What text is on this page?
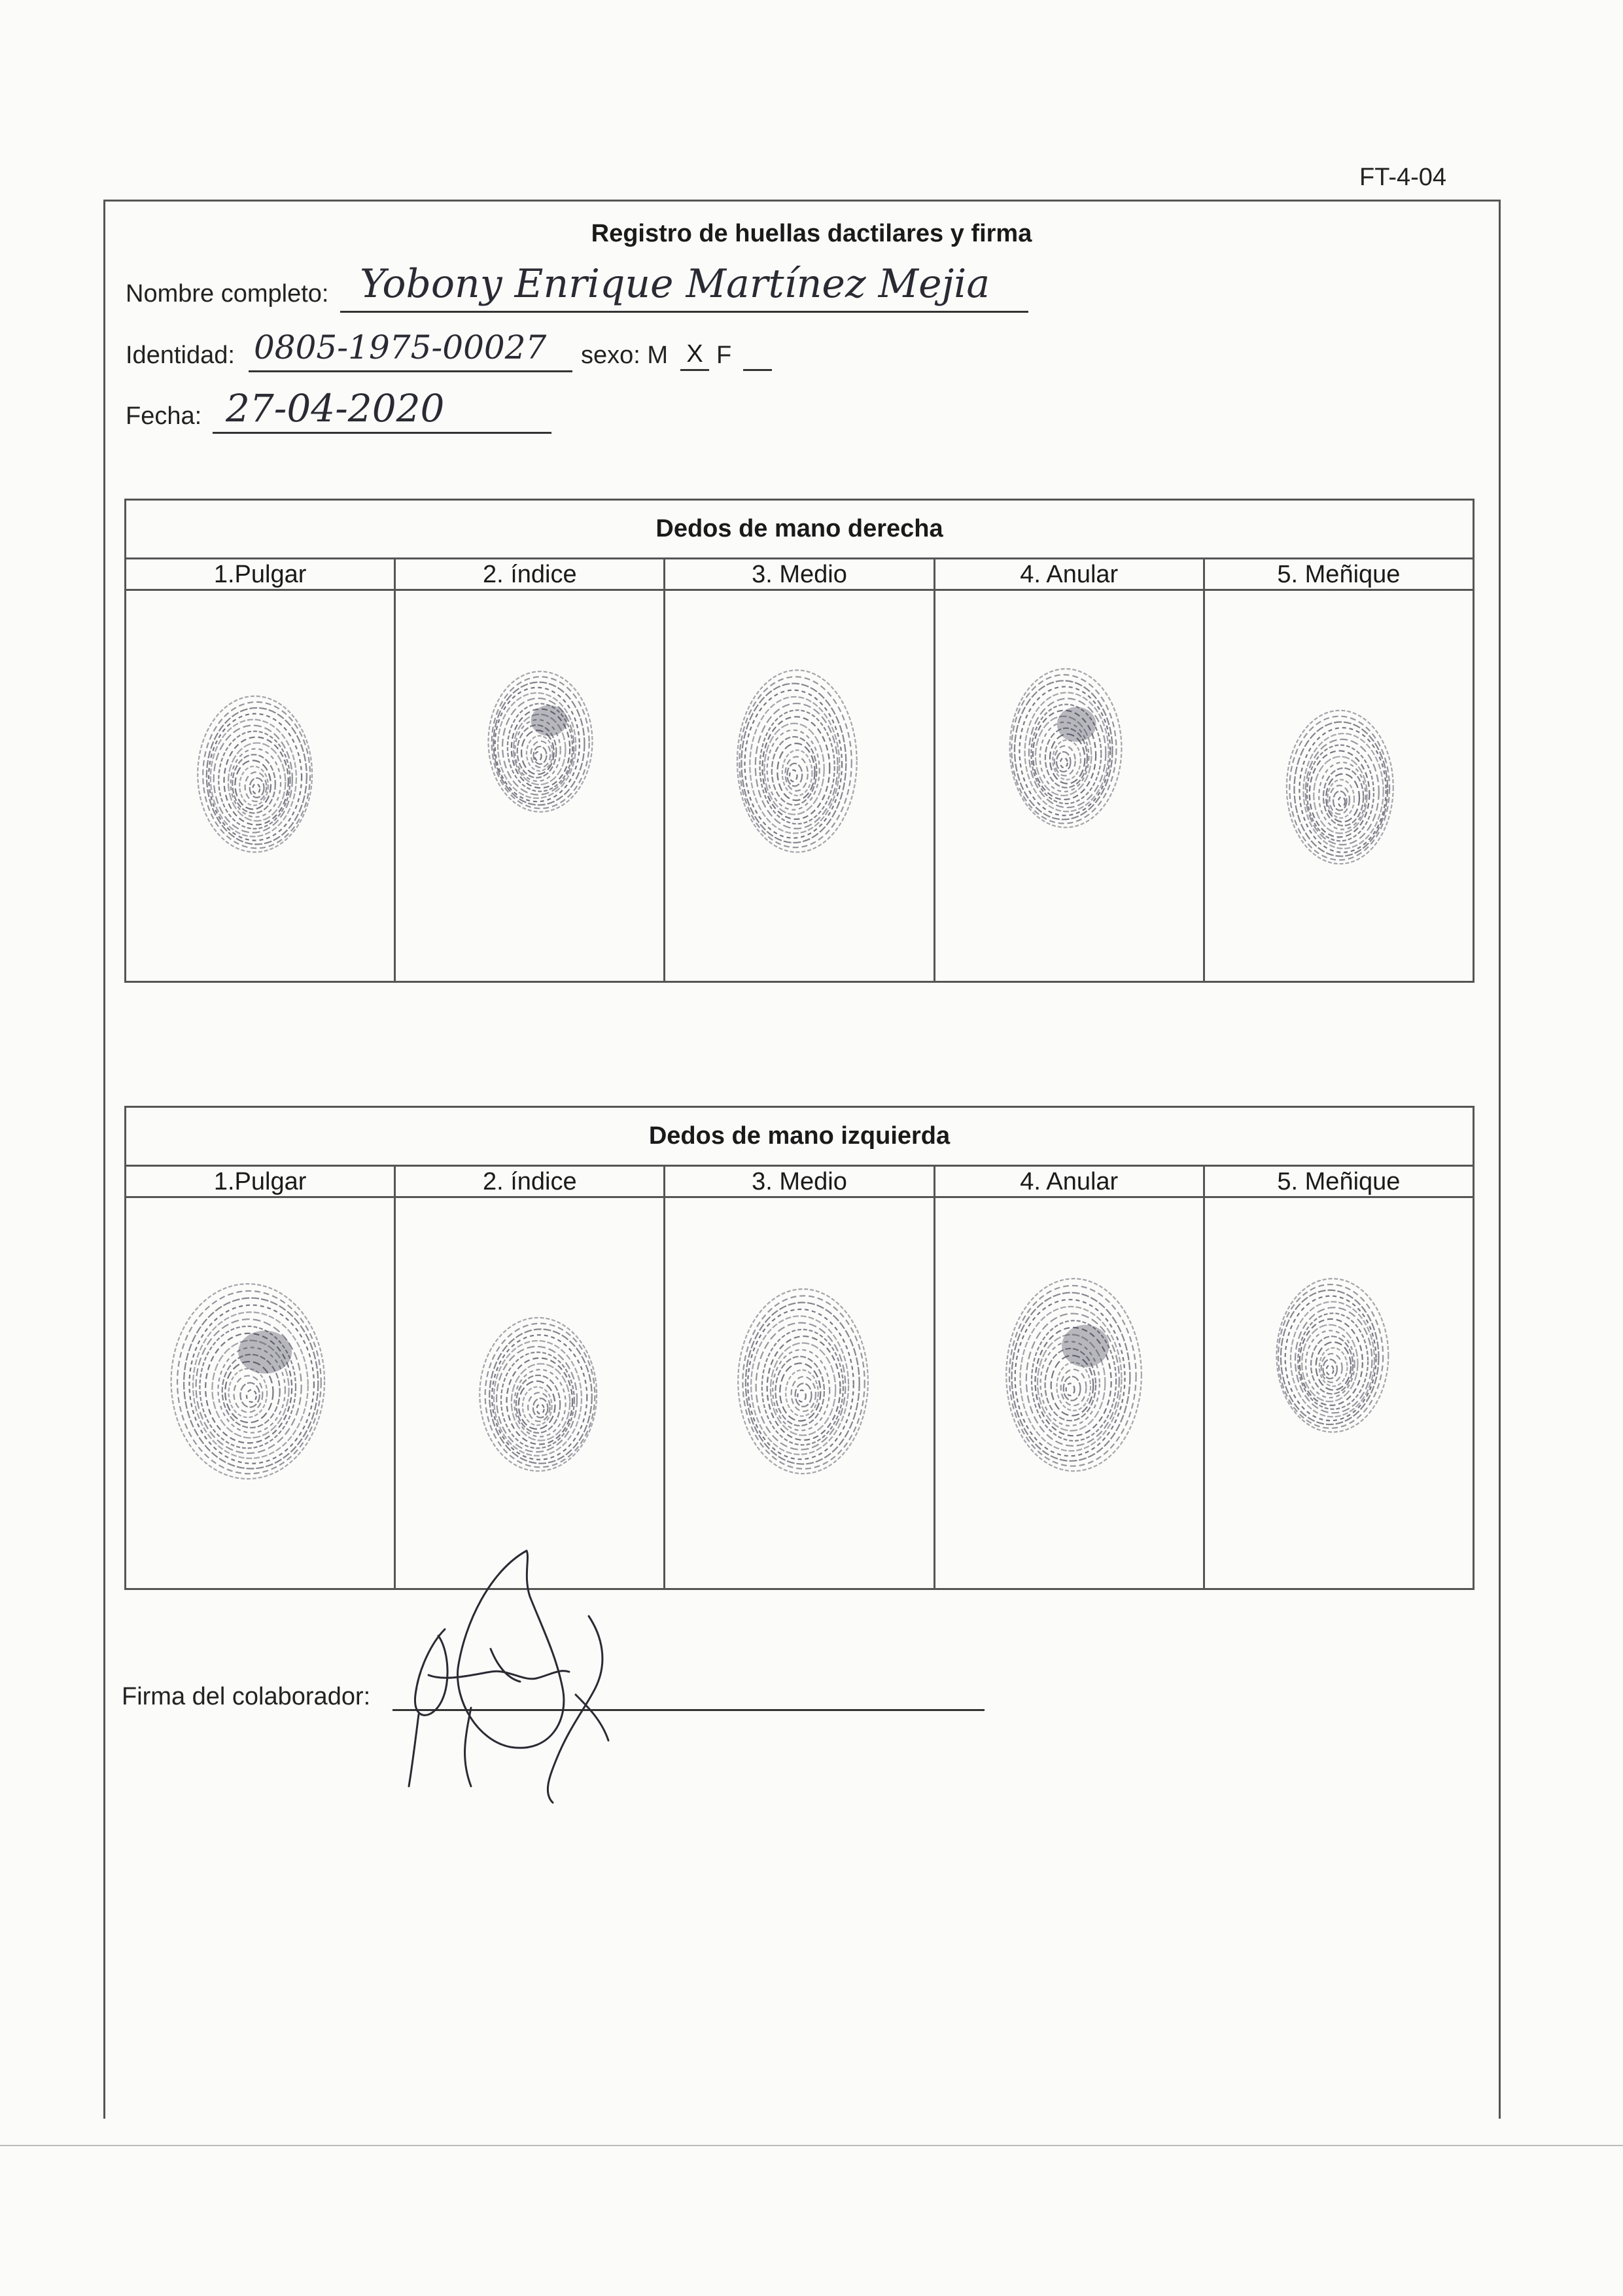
FT-4-04
Registro de huellas dactilares y firma
Nombre completo: Yobony Enrique Martínez Mejia
Identidad: 0805-1975-00027 sexo: M X F
Fecha: 27-04-2020
Dedos de mano derecha
1.Pulgar	2. índice	3. Medio	4. Anular	5. Meñique
Dedos de mano izquierda
1.Pulgar	2. índice	3. Medio	4. Anular	5. Meñique
Firma del colaborador:
